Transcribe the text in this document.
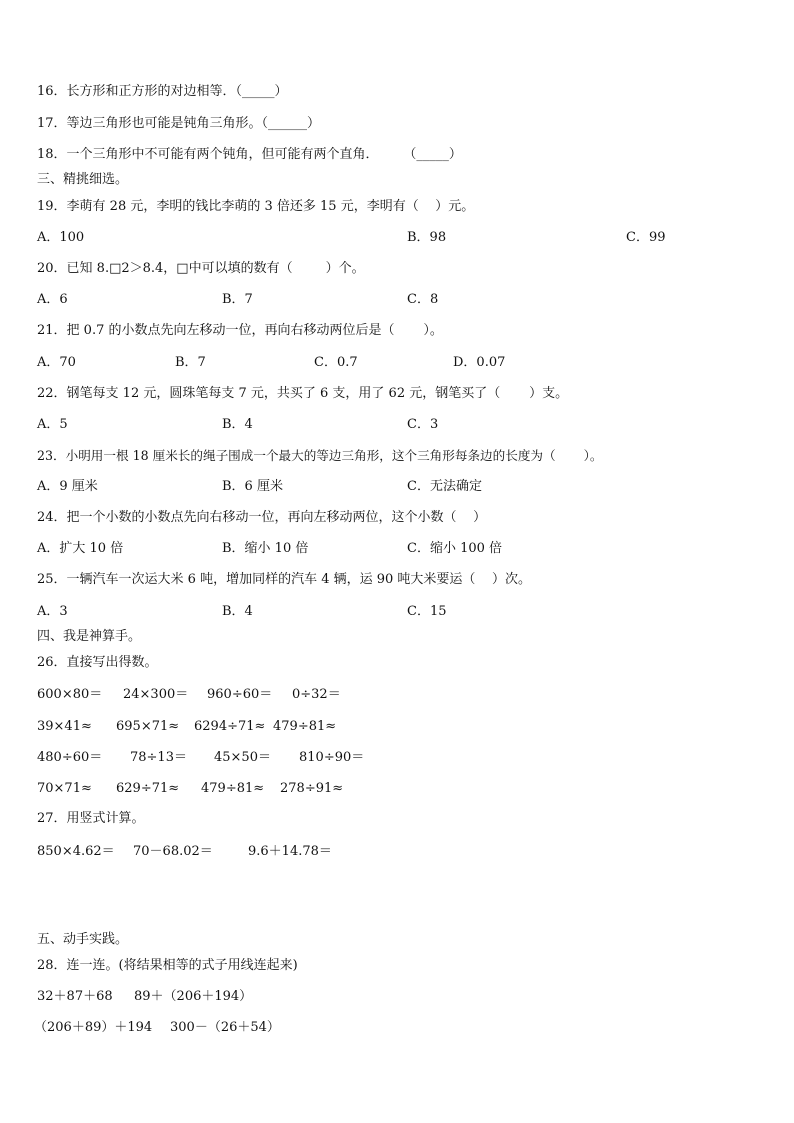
16．长方形和正方形的对边相等．（_____）
17．等边三角形也可能是钝角三角形。（______）
18．一个三角形中不可能有两个钝角，但可能有两个直角．      （_____）
三、精挑细选。
19．李萌有 28 元，李明的钱比李萌的 3 倍还多 15 元，李明有（    ）元。
A．100	B．98	C．99
20．已知 8.□2＞8.4，□中可以填的数有（        ）个。
A．6	B．7	C．8
21．把 0.7 的小数点先向左移动一位，再向右移动两位后是（       ）。
A．70	B．7	C．0.7	D．0.07
22．钢笔每支 12 元，圆珠笔每支 7 元，共买了 6 支，用了 62 元，钢笔买了（       ）支。
A．5	B．4	C．3
23．小明用一根 18 厘米长的绳子围成一个最大的等边三角形，这个三角形每条边的长度为（       ）。
A．9 厘米	B．6 厘米	C．无法确定
24．把一个小数的小数点先向右移动一位，再向左移动两位，这个小数（    ）
A．扩大 10 倍	B．缩小 10 倍	C．缩小 100 倍
25．一辆汽车一次运大米 6 吨，增加同样的汽车 4 辆，运 90 吨大米要运（    ）次。
A．3	B．4	C．15
四、我是神算手。
26．直接写出得数。
600×80＝ 24×300＝ 960÷60＝ 0÷32＝
39×41≈ 695×71≈ 6294÷71≈ 479÷81≈
480÷60＝ 78÷13＝ 45×50＝ 810÷90＝
70×71≈ 629÷71≈ 479÷81≈ 278÷91≈
27．用竖式计算。
850×4.62＝ 70－68.02＝	9.6＋14.78＝
五、动手实践。
28．连一连。(将结果相等的式子用线连起来)
32＋87＋68 89＋（206＋194）
（206＋89）＋194 300－（26＋54）
